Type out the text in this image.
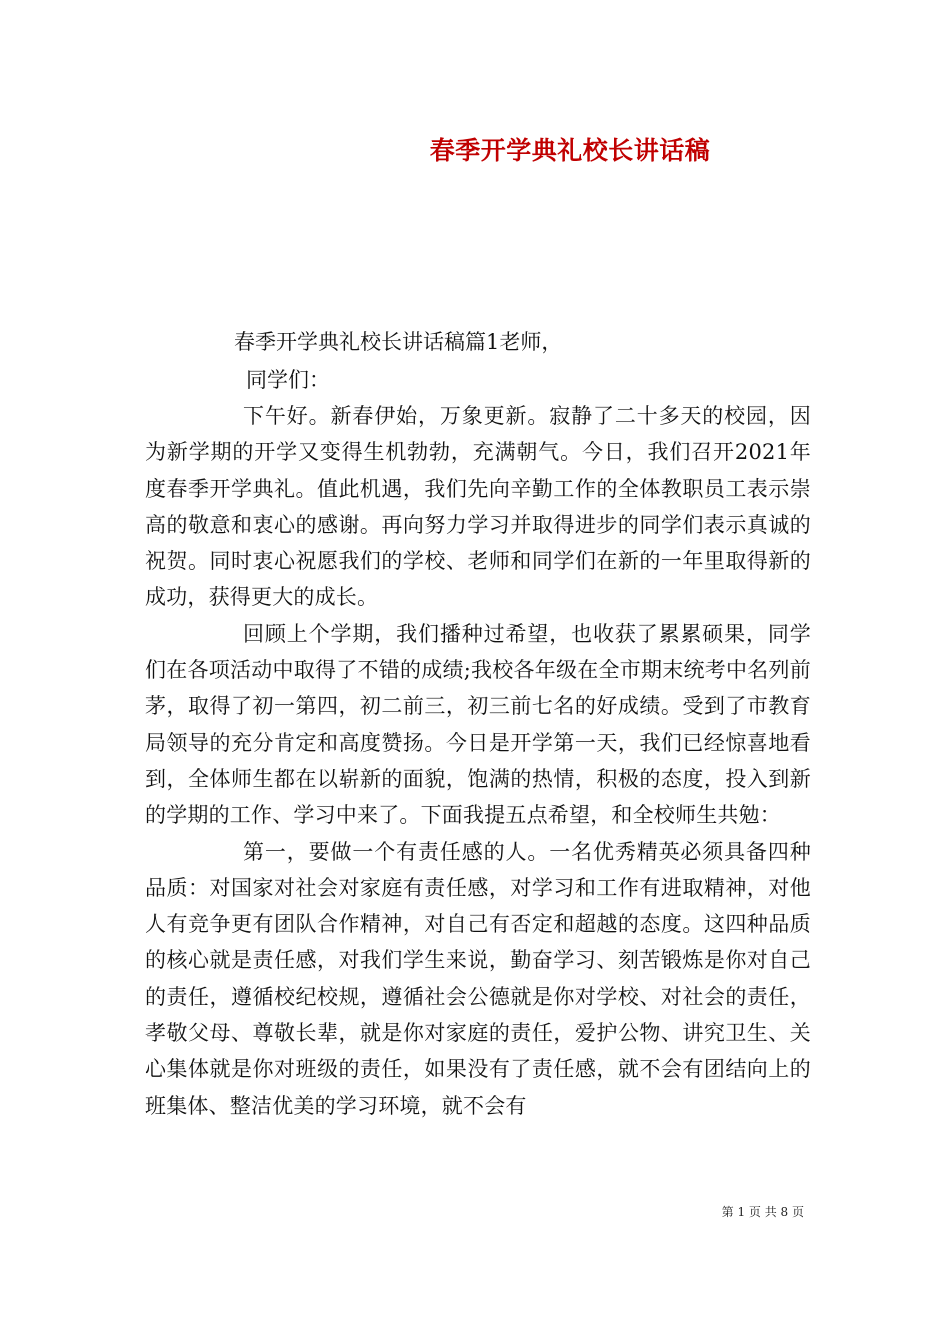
春季开学典礼校长讲话稿
春季开学典礼校长讲话稿篇1老师，
同学们：

下午好。新春伊始，万象更新。寂静了二十多天的校园，因为新学期的开学又变得生机勃勃，充满朝气。今日，我们召开2021年度春季开学典礼。值此机遇，我们先向辛勤工作的全体教职员工表示崇高的敬意和衷心的感谢。再向努力学习并取得进步的同学们表示真诚的祝贺。同时衷心祝愿我们的学校、老师和同学们在新的一年里取得新的成功，获得更大的成长。

回顾上个学期，我们播种过希望，也收获了累累硕果，同学们在各项活动中取得了不错的成绩;我校各年级在全市期末统考中名列前茅，取得了初一第四，初二前三，初三前七名的好成绩。受到了市教育局领导的充分肯定和高度赞扬。今日是开学第一天，我们已经惊喜地看到，全体师生都在以崭新的面貌，饱满的热情，积极的态度，投入到新的学期的工作、学习中来了。下面我提五点希望，和全校师生共勉：

第一，要做一个有责任感的人。一名优秀精英必须具备四种品质：对国家对社会对家庭有责任感，对学习和工作有进取精神，对他人有竞争更有团队合作精神，对自己有否定和超越的态度。这四种品质的核心就是责任感，对我们学生来说，勤奋学习、刻苦锻炼是你对自己的责任，遵循校纪校规，遵循社会公德就是你对学校、对社会的责任，孝敬父母、尊敬长辈，就是你对家庭的责任，爱护公物、讲究卫生、关心集体就是你对班级的责任，如果没有了责任感，就不会有团结向上的班集体、整洁优美的学习环境，就不会有

第 1 页 共 8 页
